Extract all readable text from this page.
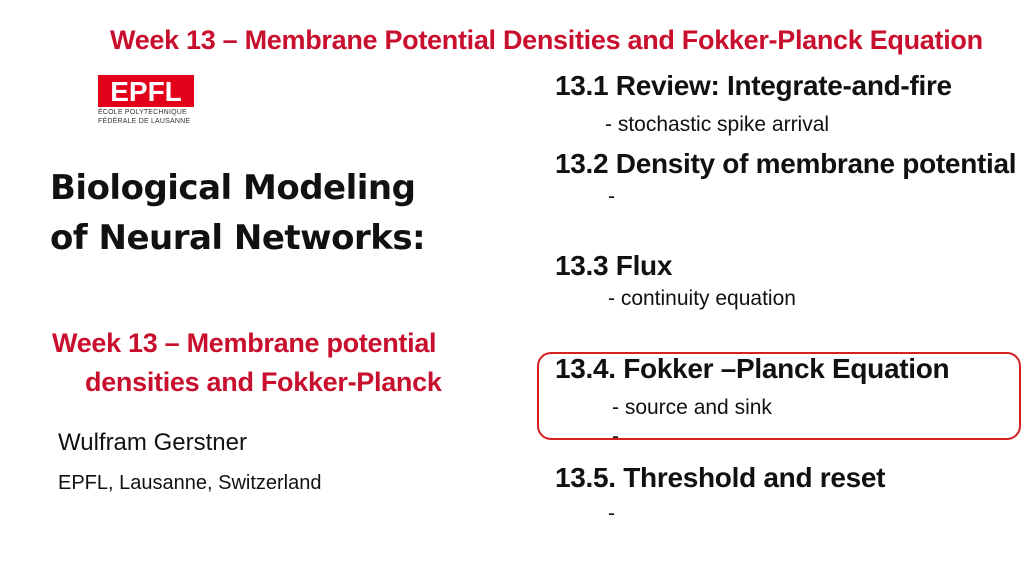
Week 13 – Membrane Potential Densities and Fokker-Planck Equation
EPFL
ÉCOLE POLYTECHNIQUE
FÉDÉRALE DE LAUSANNE
Biological Modeling
of Neural Networks:
Week 13 – Membrane potential
densities and Fokker-Planck
Wulfram Gerstner
EPFL, Lausanne, Switzerland
13.1 Review: Integrate-and-fire
- stochastic spike arrival
13.2 Density of membrane potential
-
13.3 Flux
- continuity equation
13.4. Fokker –Planck Equation
- source and sink
-
13.5. Threshold and reset
-
